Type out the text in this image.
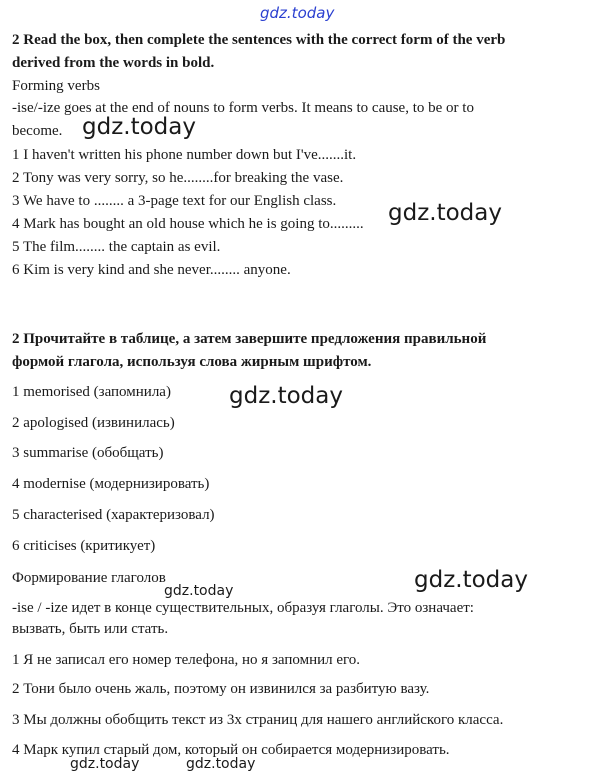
gdz.today
2 Read the box, then complete the sentences with the correct form of the verb
derived from the words in bold.
Forming verbs
-ise/-ize goes at the end of nouns to form verbs. It means to cause, to be or to
become. gdz.today
1 I haven't written his phone number down but I've.......it.
2 Tony was very sorry, so he........for breaking the vase.
3 We have to ........ a 3-page text for our English class.
4 Mark has bought an old house which he is going to......... gdz.today
5 The film........ the captain as evil.
6 Kim is very kind and she never........ anyone.
2 Прочитайте в таблице, а затем завершите предложения правильной
формой глагола, используя слова жирным шрифтом.
1 memorised (запомнила)	gdz.today
2 apologised (извинилась)
3 summarise (обобщать)
4 modernise (модернизировать)
5 characterised (характеризовал)
6 criticises (критикует)
Формирование глаголов
gdz.today	gdz.today
-ise / -ize идет в конце существительных, образуя глаголы. Это означает:
вызвать, быть или стать.
1 Я не записал его номер телефона, но я запомнил его.
2 Тони было очень жаль, поэтому он извинился за разбитую вазу.
3 Мы должны обобщить текст из 3х страниц для нашего английского класса.
4 Марк купил старый дом, который он собирается модернизировать.
gdz.today	gdz.today
